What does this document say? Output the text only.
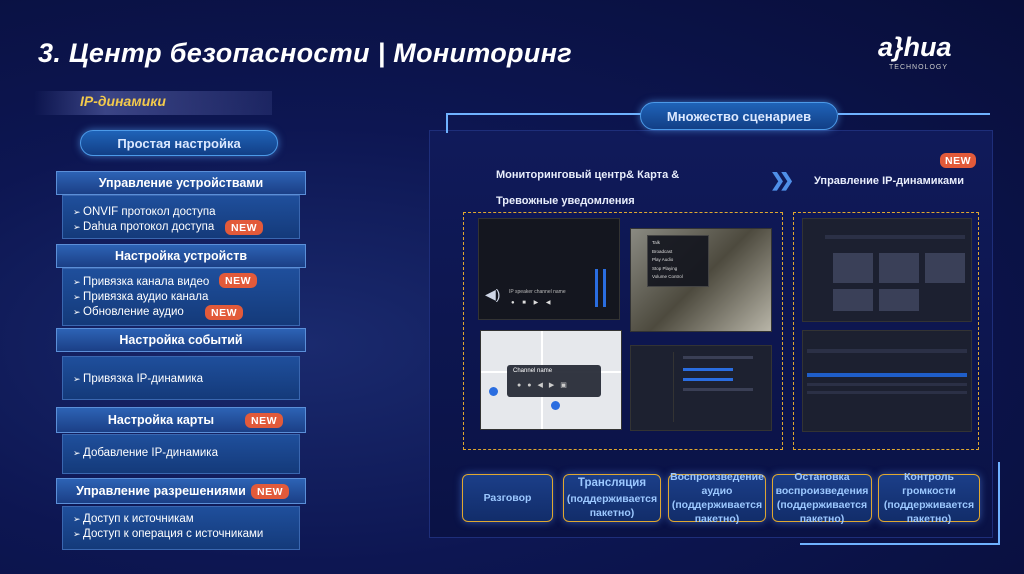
3. Центр безопасности | Мониторинг	a}hua
TECHNOLOGY
IP-динамики
Простая настройка
Управление устройствами
➢ ONVIF протокол доступа
➢ Dahua протокол доступа	NEW
Настройка устройств
➢ Привязка канала видео	NEW
➢ Привязка аудио канала
➢ Обновление аудио	NEW
Настройка событий
➢ Привязка IP-динамика
Настройка карты	NEW
➢ Добавление IP-динамика
Управление разрешениями	NEW
➢ Доступ к источникам
➢ Доступ к операция с источниками
Множество сценариев
Мониторинговый центр& Карта &
Тревожные уведомления
❯❯ Управление IP-динамиками
NEW
◀) IP speaker channel name
● ■ ▶ ◀
Talk
Broadcast
Play Audio
Stop Playing
Volume Control
Channel name
●●◀▶▣
Разговор
Трансляция
(поддерживается
пакетно)
Воспроизведение
аудио
(поддерживается
пакетно)
Остановка
воспроизведения
(поддерживается
пакетно)
Контроль громкости
(поддерживается
пакетно)
